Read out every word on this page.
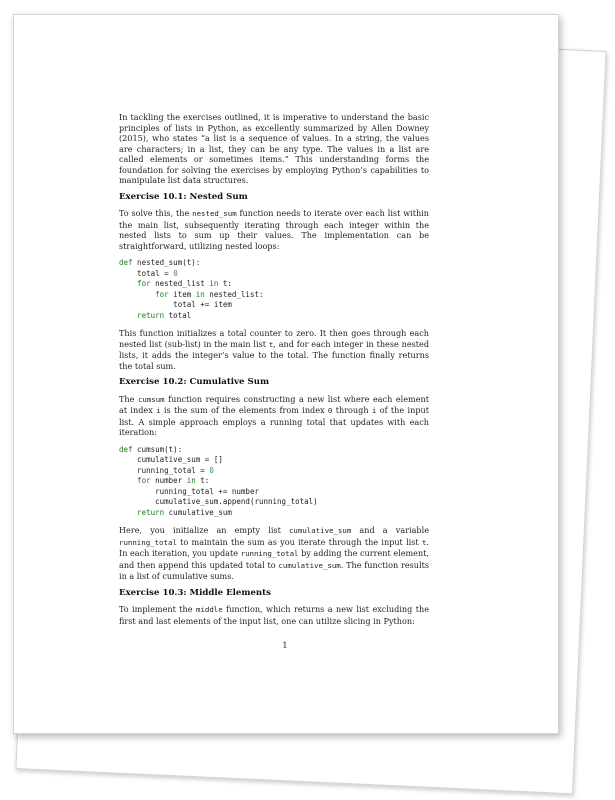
In tackling the exercises outlined, it is imperative to understand the basic principles of lists in Python, as excellently summarized by Allen Downey (2015), who states “a list is a sequence of values. In a string, the values are characters; in a list, they can be any type. The values in a list are called elements or sometimes items.” This understanding forms the foundation for solving the exercises by employing Python’s capabilities to manipulate list data structures.

Exercise 10.1: Nested Sum

To solve this, the nested_sum function needs to iterate over each list within the main list, subsequently iterating through each integer within the nested lists to sum up their values. The implementation can be straightforward, utilizing nested loops:

def nested_sum(t):
total = 0
for nested_list in t:
for item in nested_list:
total += item
return total

This function initializes a total counter to zero. It then goes through each nested list (sub-list) in the main list t, and for each integer in these nested lists, it adds the integer’s value to the total. The function finally returns the total sum.

Exercise 10.2: Cumulative Sum

The cumsum function requires constructing a new list where each element at index i is the sum of the elements from index 0 through i of the input list. A simple approach employs a running total that updates with each iteration:

def cumsum(t):
cumulative_sum = []
running_total = 0
for number in t:
running_total += number
cumulative_sum.append(running_total)
return cumulative_sum

Here, you initialize an empty list cumulative_sum and a variable running_total to maintain the sum as you iterate through the input list t. In each iteration, you update running_total by adding the current element, and then append this updated total to cumulative_sum. The function results in a list of cumulative sums.

Exercise 10.3: Middle Elements

To implement the middle function, which returns a new list excluding the first and last elements of the input list, one can utilize slicing in Python:

1
